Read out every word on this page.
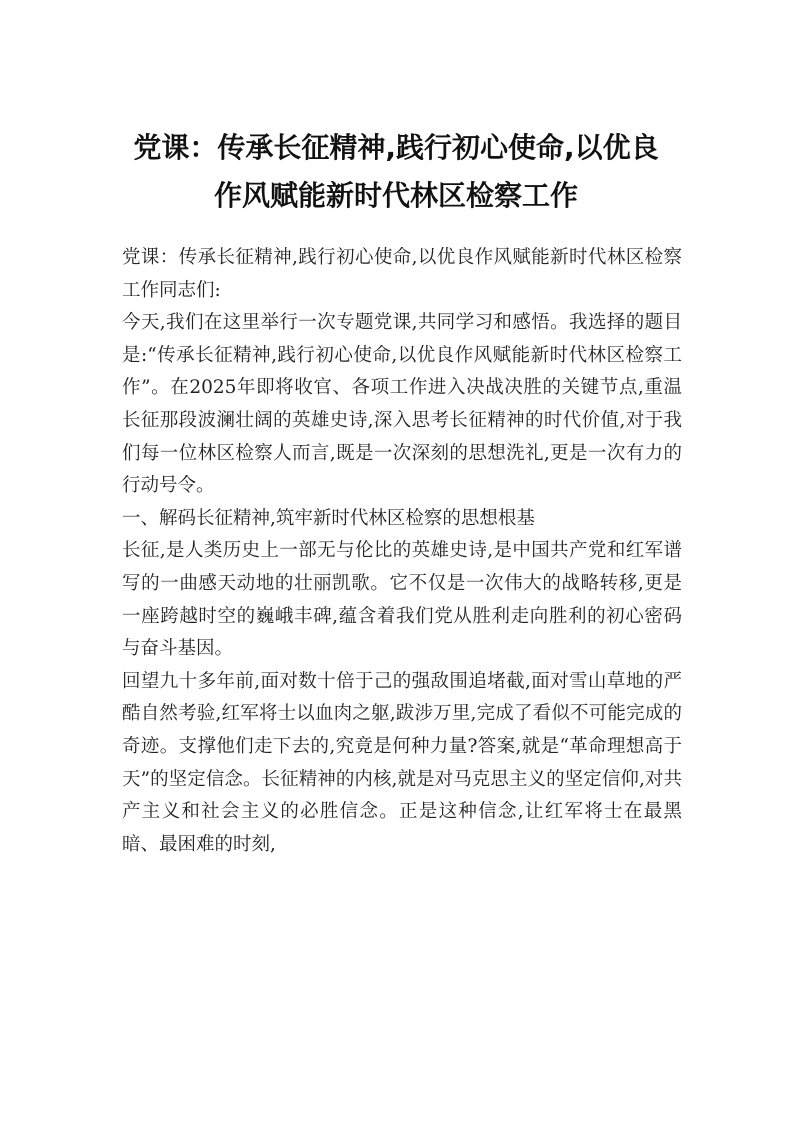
党课：传承长征精神,践行初心使命,以优良
作风赋能新时代林区检察工作

党课：传承长征精神,践行初心使命,以优良作风赋能新时代林区检察工作同志们:

今天,我们在这里举行一次专题党课,共同学习和感悟。我选择的题目是:“传承长征精神,践行初心使命,以优良作风赋能新时代林区检察工作”。在2025年即将收官、各项工作进入决战决胜的关键节点,重温长征那段波澜壮阔的英雄史诗,深入思考长征精神的时代价值,对于我们每一位林区检察人而言,既是一次深刻的思想洗礼,更是一次有力的行动号令。

一、解码长征精神,筑牢新时代林区检察的思想根基

长征,是人类历史上一部无与伦比的英雄史诗,是中国共产党和红军谱写的一曲感天动地的壮丽凯歌。它不仅是一次伟大的战略转移,更是一座跨越时空的巍峨丰碑,蕴含着我们党从胜利走向胜利的初心密码与奋斗基因。

回望九十多年前,面对数十倍于己的强敌围追堵截,面对雪山草地的严酷自然考验,红军将士以血肉之躯,跋涉万里,完成了看似不可能完成的奇迹。支撑他们走下去的,究竟是何种力量?答案,就是“革命理想高于天”的坚定信念。长征精神的内核,就是对马克思主义的坚定信仰,对共产主义和社会主义的必胜信念。正是这种信念,让红军将士在最黑暗、最困难的时刻,
